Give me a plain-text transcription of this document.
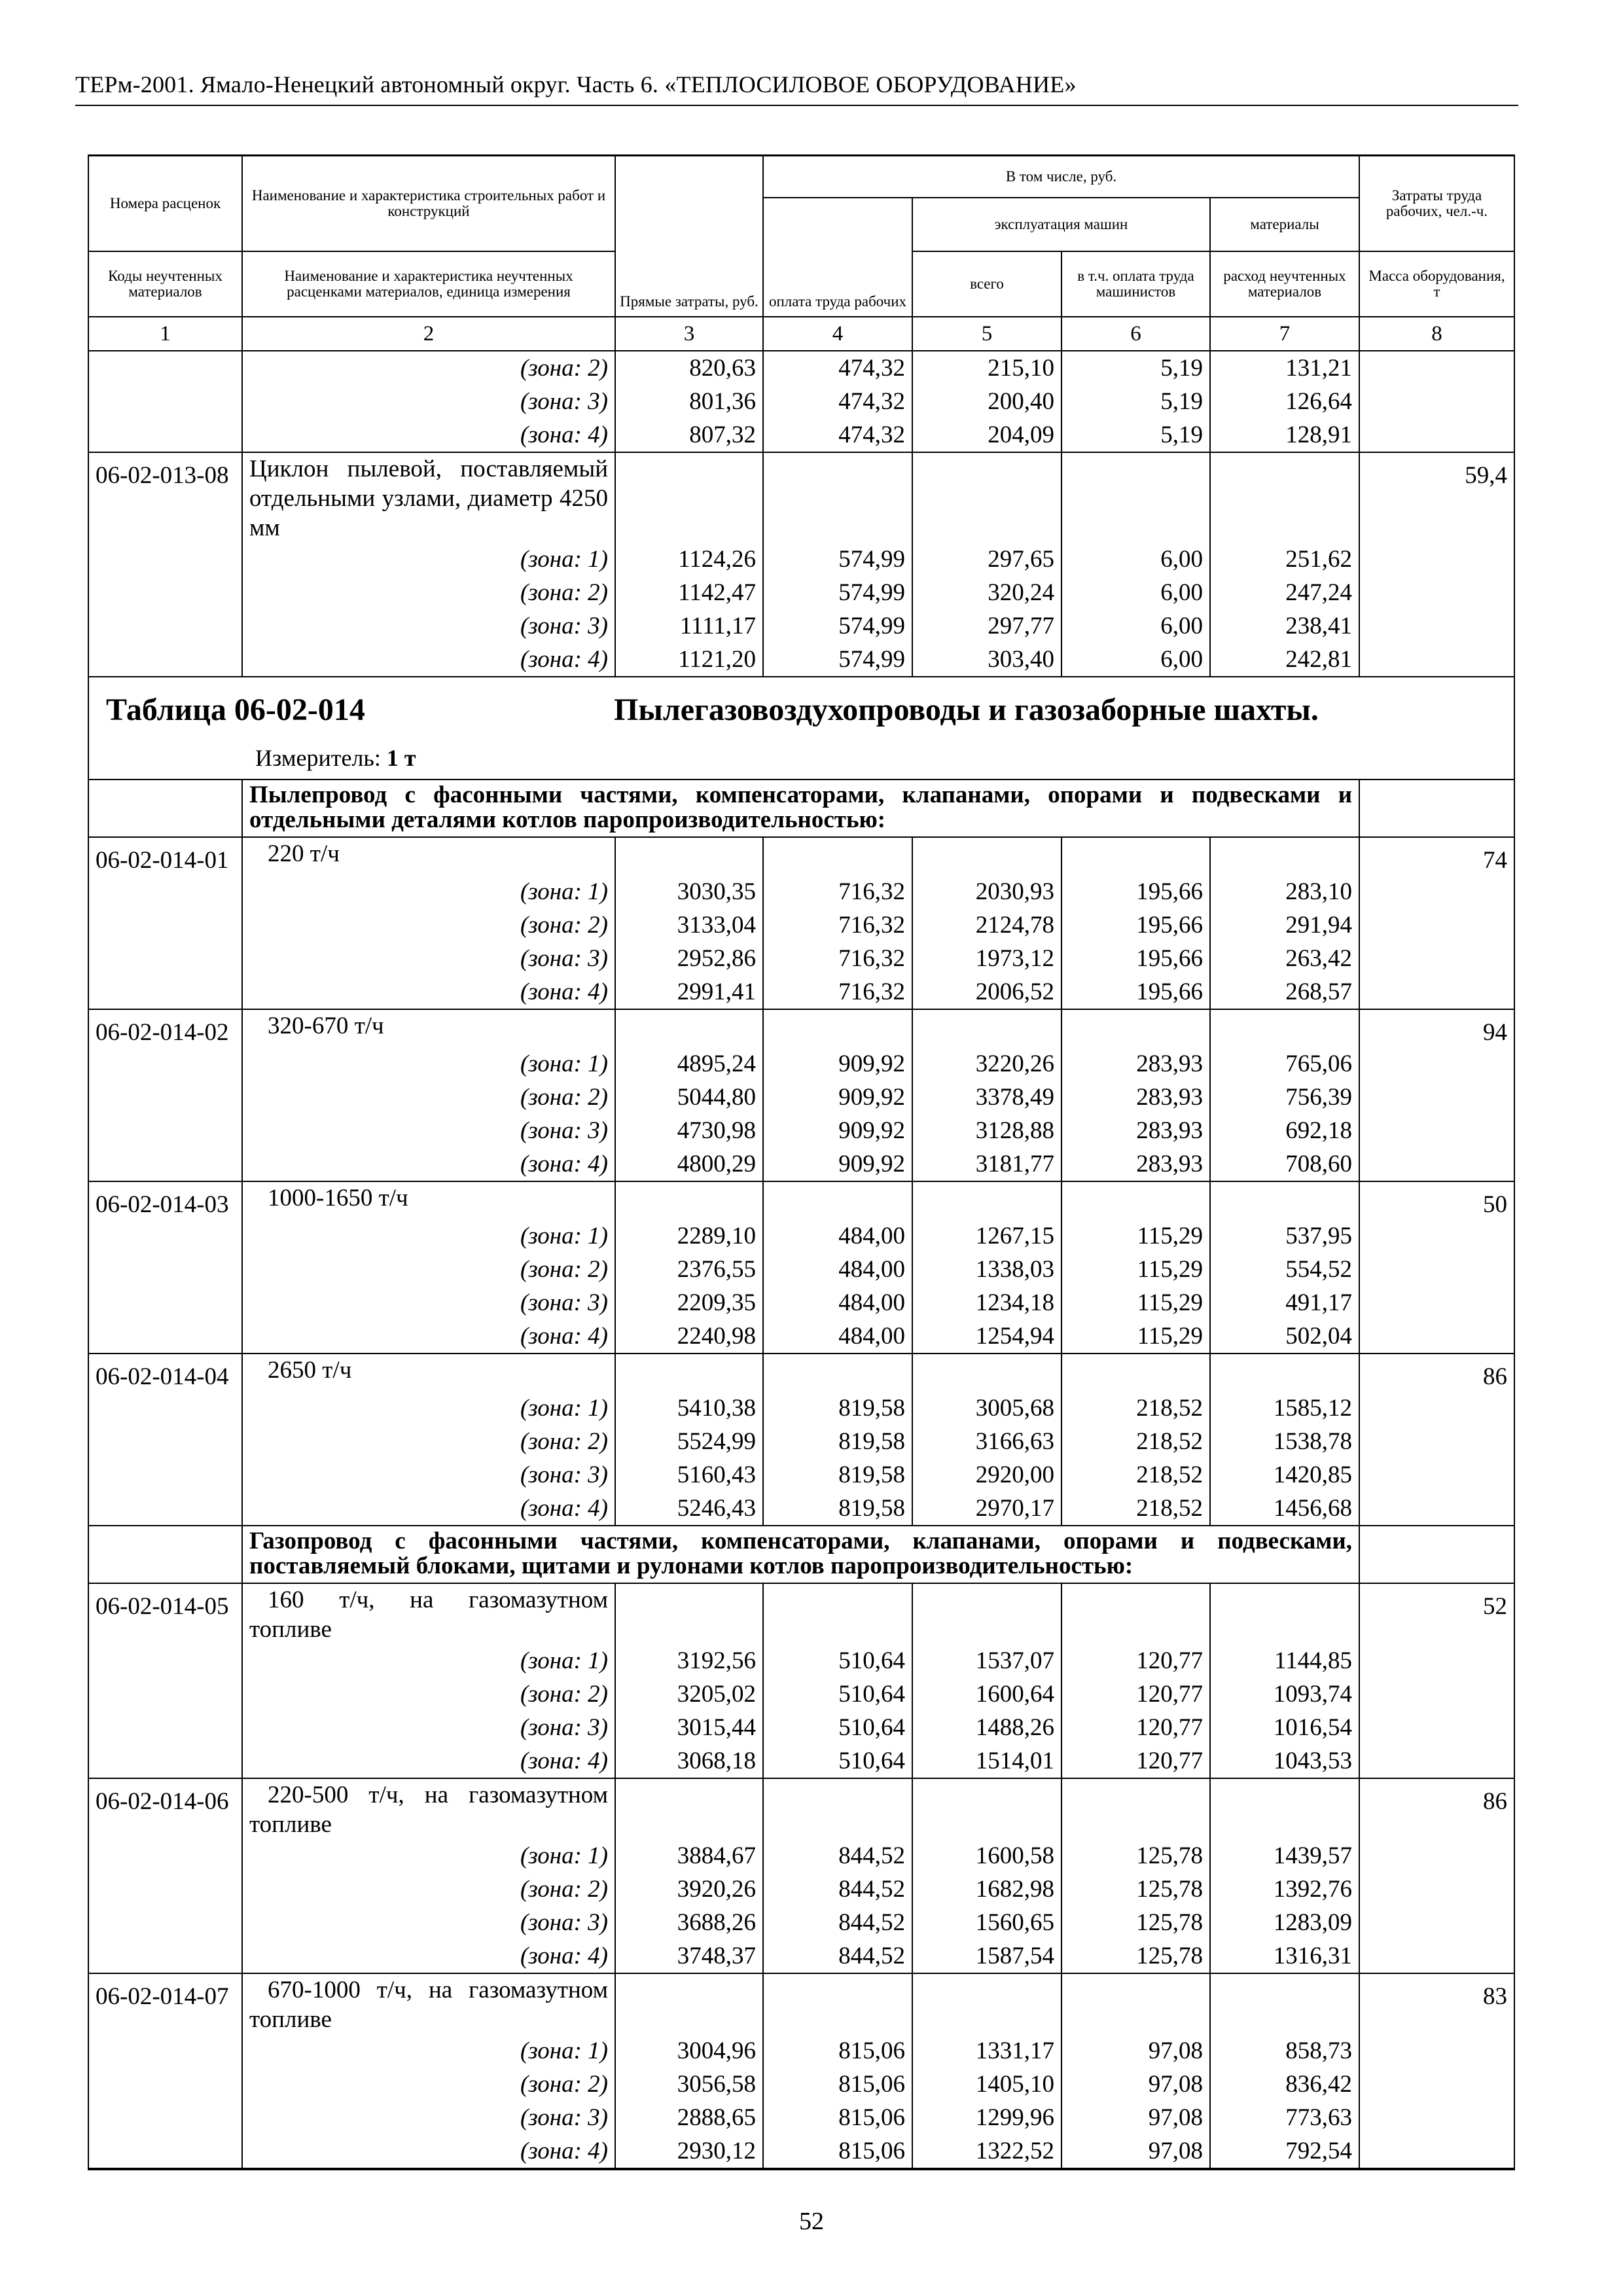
ТЕРм-2001. Ямало-Ненецкий автономный округ. Часть 6. «ТЕПЛОСИЛОВОЕ ОБОРУДОВАНИЕ»
Номера расценок	Наименование и характеристика строительных работ и конструкций	Прямые затраты, руб.	В том числе, руб.				Затраты труда рабочих, чел.-ч.
			оплата труда рабочих	эксплуатация машин		материалы	
Коды неучтенных материалов	Наименование и характеристика неучтенных расценками материалов, единица измерения			всего	в т.ч. оплата труда машинистов	расход неучтенных материалов	Масса оборудования, т
1	2	3	4	5	6	7	8
	(зона: 2)	820,63	474,32	215,10	5,19	131,21	
	(зона: 3)	801,36	474,32	200,40	5,19	126,64	
	(зона: 4)	807,32	474,32	204,09	5,19	128,91	
06-02-013-08	Циклон пылевой, поставляемый отдельными узлами, диаметр 4250 мм						59,4
	(зона: 1)	1124,26	574,99	297,65	6,00	251,62	
	(зона: 2)	1142,47	574,99	320,24	6,00	247,24	
	(зона: 3)	1111,17	574,99	297,77	6,00	238,41	
	(зона: 4)	1121,20	574,99	303,40	6,00	242,81	

Таблица 06-02-014 Пылегазовоздухопроводы и газозаборные шахты.
Измеритель: 1 т							

	Пылепровод с фасонными частями, компенсаторами, клапанами, опорами и подвесками и отдельными деталями котлов паропроизводительностью:						
06-02-014-01	220 т/ч						74
	(зона: 1)	3030,35	716,32	2030,93	195,66	283,10	
	(зона: 2)	3133,04	716,32	2124,78	195,66	291,94	
	(зона: 3)	2952,86	716,32	1973,12	195,66	263,42	
	(зона: 4)	2991,41	716,32	2006,52	195,66	268,57	
06-02-014-02	320-670 т/ч						94
	(зона: 1)	4895,24	909,92	3220,26	283,93	765,06	
	(зона: 2)	5044,80	909,92	3378,49	283,93	756,39	
	(зона: 3)	4730,98	909,92	3128,88	283,93	692,18	
	(зона: 4)	4800,29	909,92	3181,77	283,93	708,60	
06-02-014-03	1000-1650 т/ч						50
	(зона: 1)	2289,10	484,00	1267,15	115,29	537,95	
	(зона: 2)	2376,55	484,00	1338,03	115,29	554,52	
	(зона: 3)	2209,35	484,00	1234,18	115,29	491,17	
	(зона: 4)	2240,98	484,00	1254,94	115,29	502,04	
06-02-014-04	2650 т/ч						86
	(зона: 1)	5410,38	819,58	3005,68	218,52	1585,12	
	(зона: 2)	5524,99	819,58	3166,63	218,52	1538,78	
	(зона: 3)	5160,43	819,58	2920,00	218,52	1420,85	
	(зона: 4)	5246,43	819,58	2970,17	218,52	1456,68	
	Газопровод с фасонными частями, компенсаторами, клапанами, опорами и подвесками, поставляемый блоками, щитами и рулонами котлов паропроизводительностью:						
06-02-014-05	160 т/ч, на газомазутном топливе						52
	(зона: 1)	3192,56	510,64	1537,07	120,77	1144,85	
	(зона: 2)	3205,02	510,64	1600,64	120,77	1093,74	
	(зона: 3)	3015,44	510,64	1488,26	120,77	1016,54	
	(зона: 4)	3068,18	510,64	1514,01	120,77	1043,53	
06-02-014-06	220-500 т/ч, на газомазутном топливе						86
	(зона: 1)	3884,67	844,52	1600,58	125,78	1439,57	
	(зона: 2)	3920,26	844,52	1682,98	125,78	1392,76	
	(зона: 3)	3688,26	844,52	1560,65	125,78	1283,09	
	(зона: 4)	3748,37	844,52	1587,54	125,78	1316,31	
06-02-014-07	670-1000 т/ч, на газомазутном топливе						83
	(зона: 1)	3004,96	815,06	1331,17	97,08	858,73	
	(зона: 2)	3056,58	815,06	1405,10	97,08	836,42	
	(зона: 3)	2888,65	815,06	1299,96	97,08	773,63	
	(зона: 4)	2930,12	815,06	1322,52	97,08	792,54	
52
